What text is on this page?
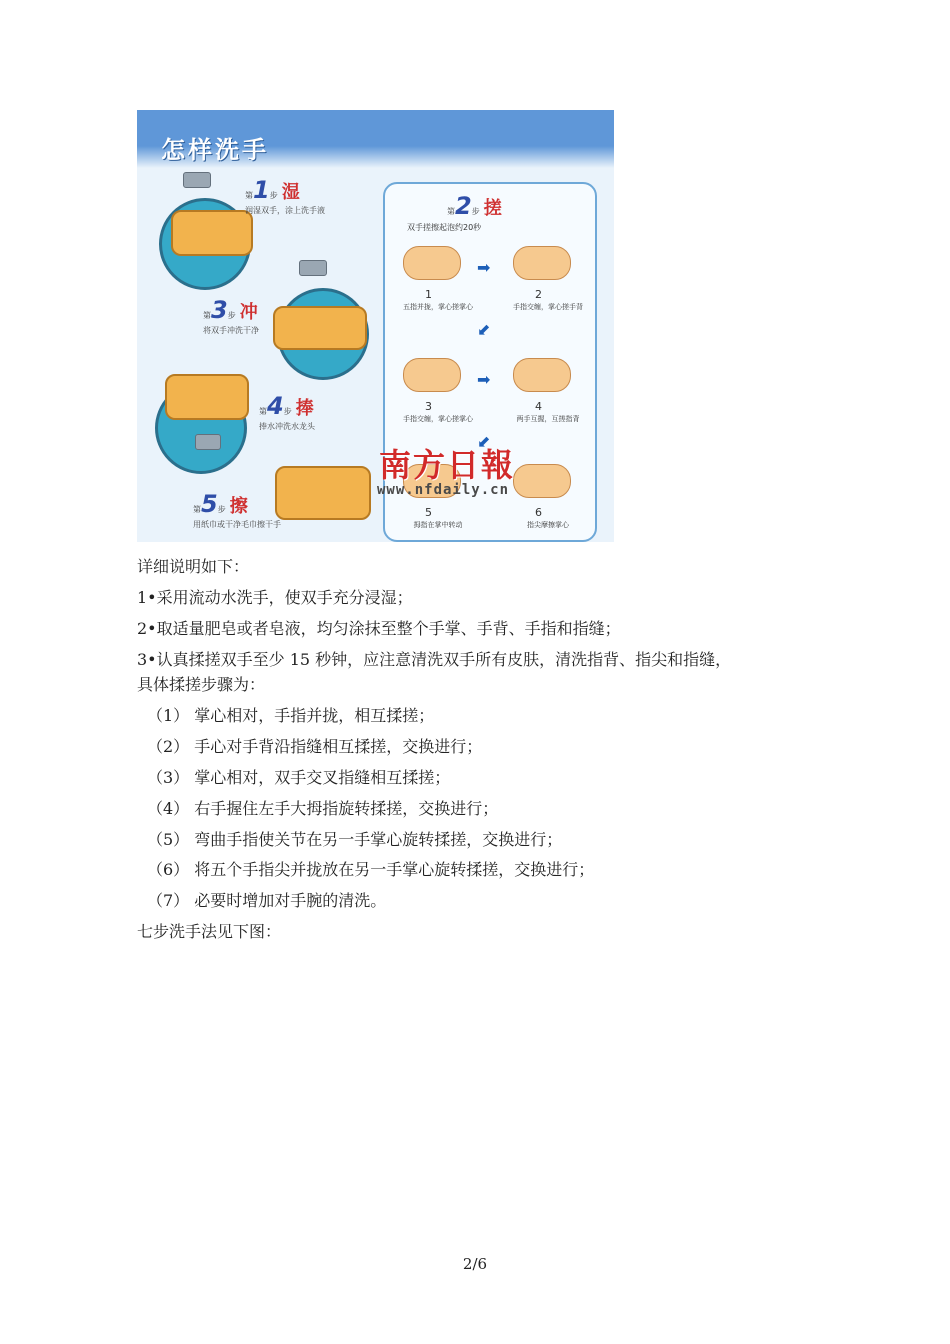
怎样洗手
第1步 湿
润湿双手，涂上洗手液
第3步 冲
将双手冲洗干净
第4步 捧
捧水冲洗水龙头
第5步 擦
用纸巾或干净毛巾擦干手
第2步 搓
双手搓擦起泡约20秒
1
五指并拢，掌心搓掌心
➡
2
手指交缠，掌心搓手背
⬋
3
手指交缠，掌心搓掌心
➡
4
两手互握，互搓指背
⬋
5
拇指在掌中转动
6
指尖摩擦掌心
南方日報
www.nfdaily.cn
详细说明如下：
1•采用流动水洗手，使双手充分浸湿；
2•取适量肥皂或者皂液，均匀涂抹至整个手掌、手背、手指和指缝；
3•认真揉搓双手至少 15 秒钟，应注意清洗双手所有皮肤，清洗指背、指尖和指缝，
具体揉搓步骤为：
（1） 掌心相对，手指并拢，相互揉搓；
（2） 手心对手背沿指缝相互揉搓，交换进行；
（3） 掌心相对，双手交叉指缝相互揉搓；
（4） 右手握住左手大拇指旋转揉搓，交换进行；
（5） 弯曲手指使关节在另一手掌心旋转揉搓，交换进行；
（6） 将五个手指尖并拢放在另一手掌心旋转揉搓，交换进行；
（7） 必要时增加对手腕的清洗。
七步洗手法见下图：
2/6
